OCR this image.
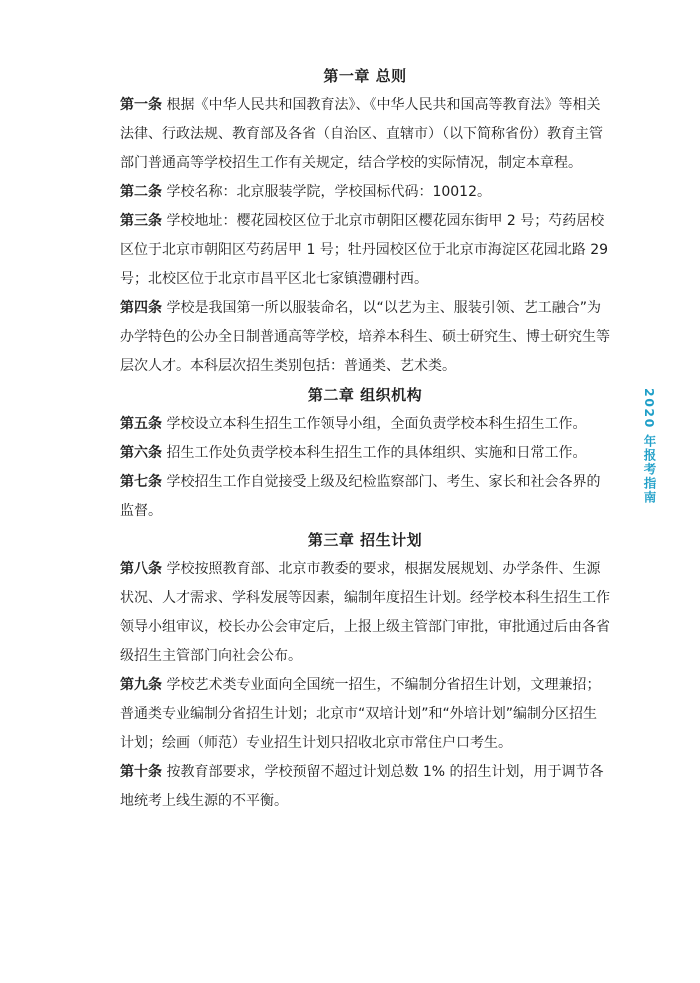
第一章 总则

第一条 根据《中华人民共和国教育法》、《中华人民共和国高等教育法》等相关法律、行政法规、教育部及各省（自治区、直辖市）（以下简称省份）教育主管部门普通高等学校招生工作有关规定，结合学校的实际情况，制定本章程。

第二条 学校名称：北京服装学院，学校国标代码：10012。

第三条 学校地址：樱花园校区位于北京市朝阳区樱花园东街甲 2 号；芍药居校区位于北京市朝阳区芍药居甲 1 号；牡丹园校区位于北京市海淀区花园北路 29 号；北校区位于北京市昌平区北七家镇澧硼村西。

第四条 学校是我国第一所以服装命名，以“以艺为主、服装引领、艺工融合”为办学特色的公办全日制普通高等学校，培养本科生、硕士研究生、博士研究生等层次人才。本科层次招生类别包括：普通类、艺术类。

第二章 组织机构

第五条 学校设立本科生招生工作领导小组，全面负责学校本科生招生工作。

第六条 招生工作处负责学校本科生招生工作的具体组织、实施和日常工作。

第七条 学校招生工作自觉接受上级及纪检监察部门、考生、家长和社会各界的监督。

第三章 招生计划

第八条 学校按照教育部、北京市教委的要求，根据发展规划、办学条件、生源状况、人才需求、学科发展等因素，编制年度招生计划。经学校本科生招生工作领导小组审议，校长办公会审定后，上报上级主管部门审批，审批通过后由各省级招生主管部门向社会公布。

第九条 学校艺术类专业面向全国统一招生，不编制分省招生计划，文理兼招；普通类专业编制分省招生计划；北京市“双培计划”和“外培计划”编制分区招生计划；绘画（师范）专业招生计划只招收北京市常住户口考生。

第十条 按教育部要求，学校预留不超过计划总数 1% 的招生计划，用于调节各地统考上线生源的不平衡。

2020 年报考指南
